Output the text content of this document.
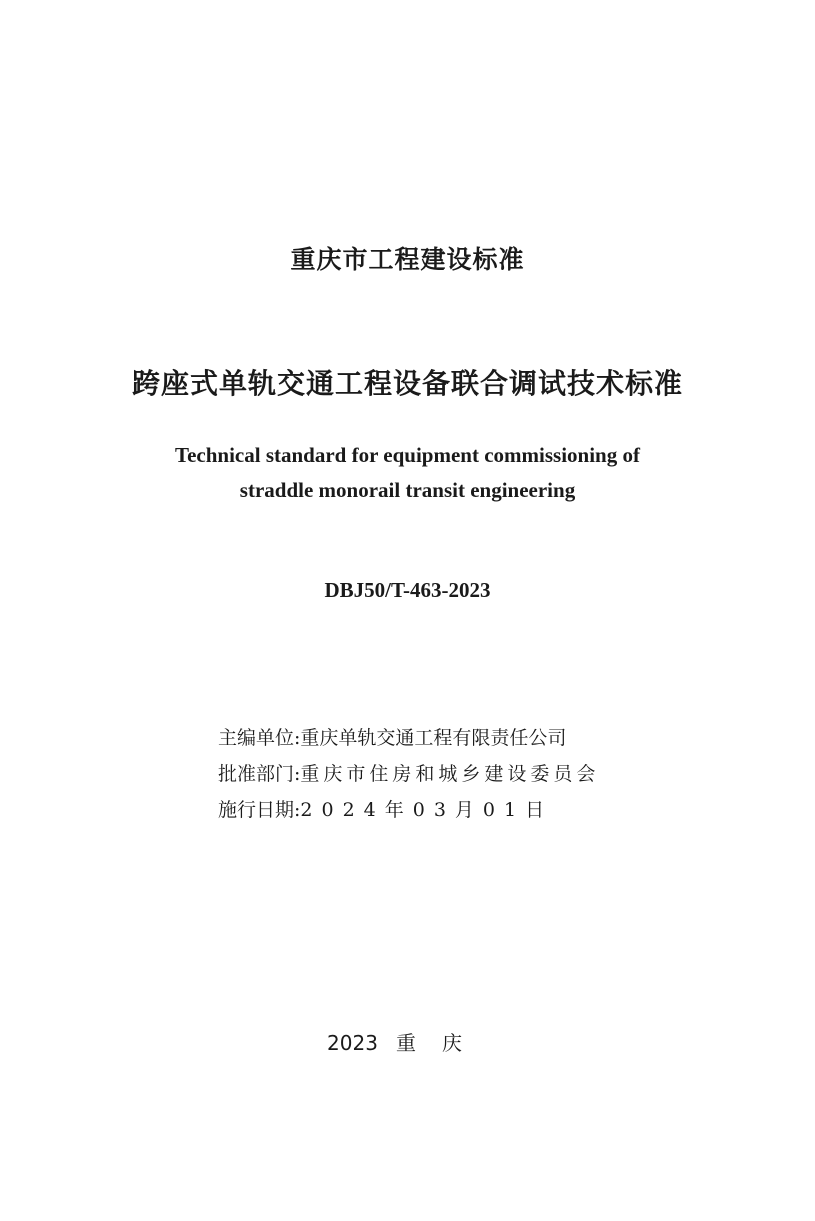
重庆市工程建设标准
跨座式单轨交通工程设备联合调试技术标准
Technical standard for equipment commissioning of
straddle monorail transit engineering
DBJ50/T-463-2023
主编单位:重庆单轨交通工程有限责任公司
批准部门:重庆市住房和城乡建设委员会
施行日期:2024年03月01日
2023 重庆
